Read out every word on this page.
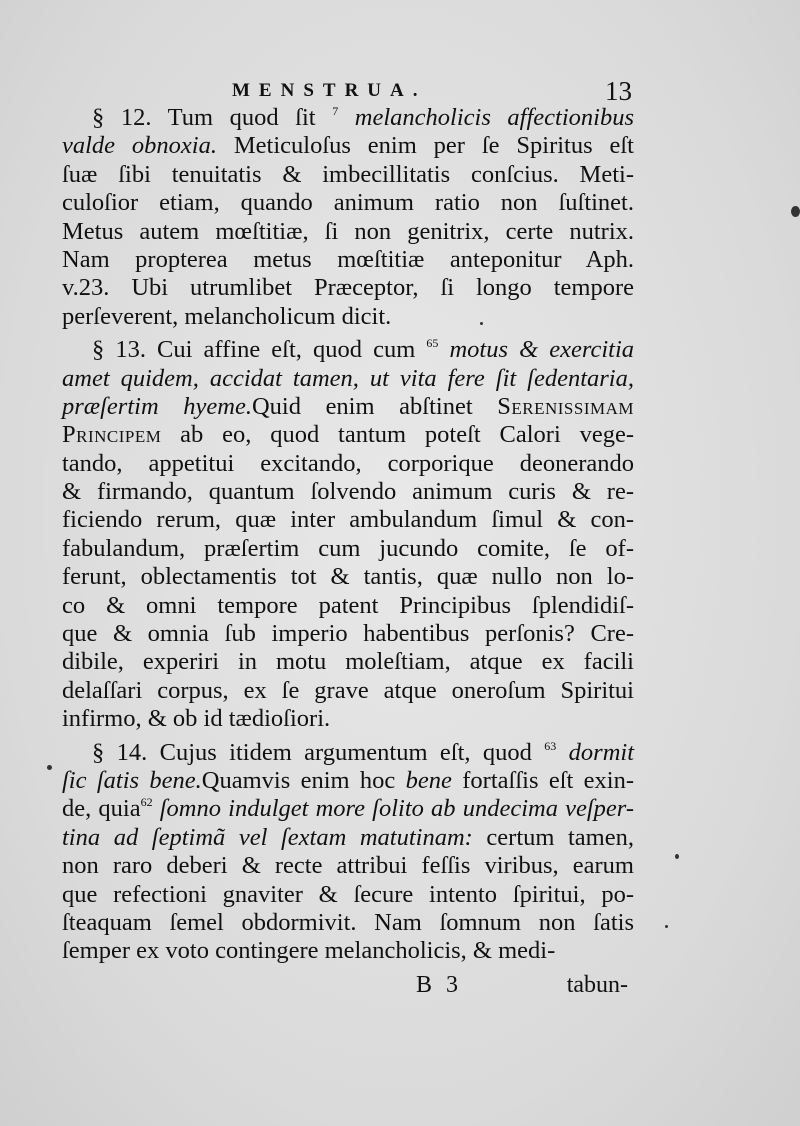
MENSTRUA.	13
§ 12. Tum quod ſit $^7$ melancholicis affectionibus
valde obnoxia. Meticuloſus enim per ſe Spiritus eſt
ſuæ ſibi tenuitatis & imbecillitatis conſcius. Meti-
culoſior etiam, quando animum ratio non ſuſtinet.
Metus autem mœſtitiæ, ſi non genitrix, certe nutrix.
Nam propterea metus mœſtitiæ anteponitur Aph.
v.23. Ubi utrumlibet Præceptor, ſi longo tempore
perſeverent, melancholicum dicit.
§ 13. Cui affine eſt, quod cum $^{65}$ motus & exercitia
amet quidem, accidat tamen, ut vita fere ſit ſedentaria,
præſertim hyeme.Quid enim abſtinet Serenissimam
Principem ab eo, quod tantum poteſt Calori vege-
tando, appetitui excitando, corporique deonerando
& firmando, quantum ſolvendo animum curis & re-
ficiendo rerum, quæ inter ambulandum ſimul & con-
fabulandum, præſertim cum jucundo comite, ſe of-
ferunt, oblectamentis tot & tantis, quæ nullo non lo-
co & omni tempore patent Principibus ſplendidiſ-
que & omnia ſub imperio habentibus perſonis? Cre-
dibile, experiri in motu moleſtiam, atque ex facili
delaſſari corpus, ex ſe grave atque oneroſum Spiritui
infirmo, & ob id tædioſiori.
§ 14. Cujus itidem argumentum eſt, quod $^{63}$ dormit
ſic ſatis bene.Quamvis enim hoc bene fortaſſis eſt exin-
de, quia$^{62}$ ſomno indulget more ſolito ab undecima veſper-
tina ad ſeptimã vel ſextam matutinam: certum tamen,
non raro deberi & recte attribui feſſis viribus, earum
que refectioni gnaviter & ſecure intento ſpiritui, po-
ſteaquam ſemel obdormivit. Nam ſomnum non ſatis
ſemper ex voto contingere melancholicis, & medi-
B 3	tabun-
